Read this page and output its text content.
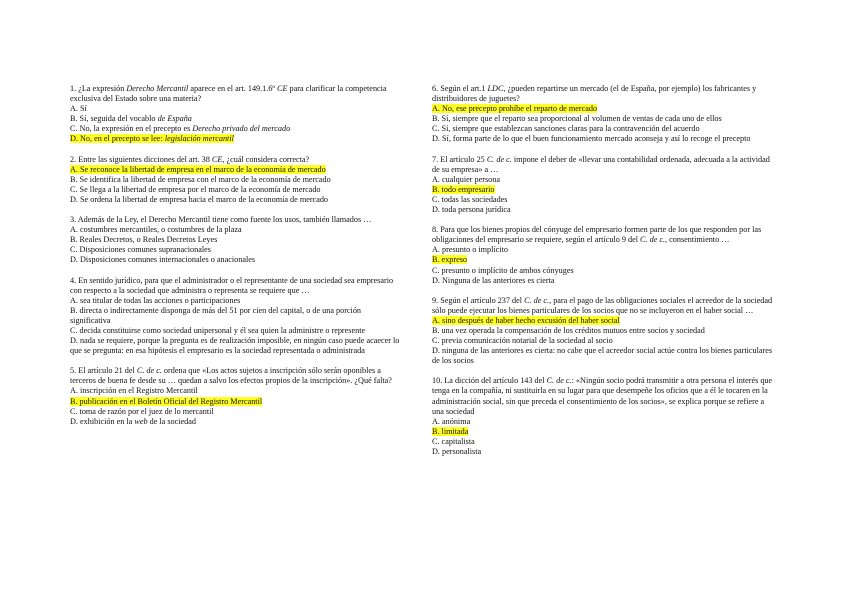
1. ¿La expresión Derecho Mercantil aparece en el art. 149.1.6º CE para clarificar la competencia exclusiva del Estado sobre una materia?

A. Sí

B. Sí, seguida del vocablo de España

C. No, la expresión en el precepto es Derecho privado del mercado

D. No, en el precepto se lee: legislación mercantil

2. Entre las siguientes dicciones del art. 38 CE, ¿cuál considera correcta?

A. Se reconoce la libertad de empresa en el marco de la economía de mercado

B. Se identifica la libertad de empresa con el marco de la economía de mercado

C. Se llega a la libertad de empresa por el marco de la economía de mercado

D. Se ordena la libertad de empresa hacia el marco de la economía de mercado

3. Además de la Ley, el Derecho Mercantil tiene como fuente los usos, también llamados …

A. costumbres mercantiles, o costumbres de la plaza

B. Reales Decretos, o Reales Decretos Leyes

C. Disposiciones comunes supranacionales

D. Disposiciones comunes internacionales o anacionales

4. En sentido jurídico, para que el administrador o el representante de una sociedad sea empresario con respecto a la sociedad que administra o representa se requiere que …

A. sea titular de todas las acciones o participaciones

B. directa o indirectamente disponga de más del 51 por cien del capital, o de una porción significativa

C. decida constituirse como sociedad unipersonal y él sea quien la administre o represente

D. nada se requiere, porque la pregunta es de realización imposible, en ningún caso puede acaecer lo que se pregunta: en esa hipótesis el empresario es la sociedad representada o administrada

5. El artículo 21 del C. de c. ordena que «Los actos sujetos a inscripción sólo serán oponibles a terceros de buena fe desde su … quedan a salvo los efectos propios de la inscripción». ¿Qué falta?

A. inscripción en el Registro Mercantil

B. publicación en el Boletín Oficial del Registro Mercantil

C. toma de razón por el juez de lo mercantil

D. exhibición en la web de la sociedad

6. Según el art.1 LDC, ¿pueden repartirse un mercado (el de España, por ejemplo) los fabricantes y distribuidores de juguetes?

A. No, ese precepto prohíbe el reparto de mercado

B. Sí, siempre que el reparto sea proporcional al volumen de ventas de cada uno de ellos

C. Sí, siempre que establezcan sanciones claras para la contravención del acuerdo

D. Sí, forma parte de lo que el buen funcionamiento mercado aconseja y así lo recoge el precepto

7. El artículo 25 C. de c. impone el deber de «llevar una contabilidad ordenada, adecuada a la actividad de su empresa» a …

A. cualquier persona

B. todo empresario

C. todas las sociedades

D. toda persona jurídica

8. Para que los bienes propios del cónyuge del empresario formen parte de los que responden por las obligaciones del empresario se requiere, según el artículo 9 del C. de c., consentimiento …

A. presunto o implícito

B. expreso

C. presunto o implícito de ambos cónyuges

D. Ninguna de las anteriores es cierta

9. Según el artículo 237 del C. de c., para el pago de las obligaciones sociales el acreedor de la sociedad sólo puede ejecutar los bienes particulares de los socios que no se incluyeron en el haber social …

A. sino después de haber hecho excusión del haber social

B. una vez operada la compensación de los créditos mutuos entre socios y sociedad

C. previa comunicación notarial de la sociedad al socio

D. ninguna de las anteriores es cierta: no cabe que el acreedor social actúe contra los bienes particulares de los socios

10. La dicción del artículo 143 del C. de c.: «Ningún socio podrá transmitir a otra persona el interés que tenga en la compañía, ni sustituirla en su lugar para que desempeñe los oficios que a él le tocaren en la administración social, sin que preceda el consentimiento de los socios», se explica porque se refiere a una sociedad

A. anónima

B. limitada

C. capitalista

D. personalista
